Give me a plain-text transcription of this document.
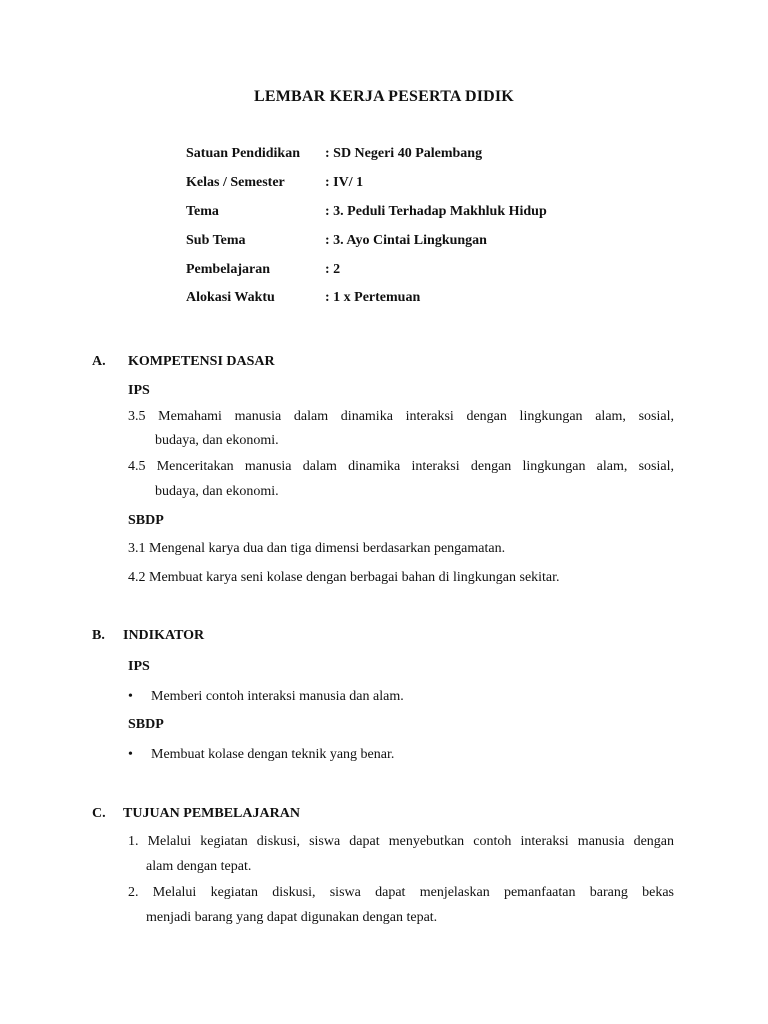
LEMBAR KERJA PESERTA DIDIK
Satuan Pendidikan : SD Negeri 40 Palembang
Kelas / Semester	: IV/ 1
Tema	: 3. Peduli Terhadap Makhluk Hidup
Sub Tema	: 3. Ayo Cintai Lingkungan
Pembelajaran	: 2
Alokasi Waktu	: 1 x Pertemuan
A. KOMPETENSI DASAR
IPS
3.5 Memahami manusia dalam dinamika interaksi dengan lingkungan alam, sosial,
budaya, dan ekonomi.
4.5 Menceritakan manusia dalam dinamika interaksi dengan lingkungan alam, sosial,
budaya, dan ekonomi.
SBDP
3.1 Mengenal karya dua dan tiga dimensi berdasarkan pengamatan.
4.2 Membuat karya seni kolase dengan berbagai bahan di lingkungan sekitar.
B. INDIKATOR
IPS
• Memberi contoh interaksi manusia dan alam.
SBDP
• Membuat kolase dengan teknik yang benar.
C. TUJUAN PEMBELAJARAN
1. Melalui kegiatan diskusi, siswa dapat menyebutkan contoh interaksi manusia dengan
alam dengan tepat.
2. Melalui kegiatan diskusi, siswa dapat menjelaskan pemanfaatan barang bekas
menjadi barang yang dapat digunakan dengan tepat.
